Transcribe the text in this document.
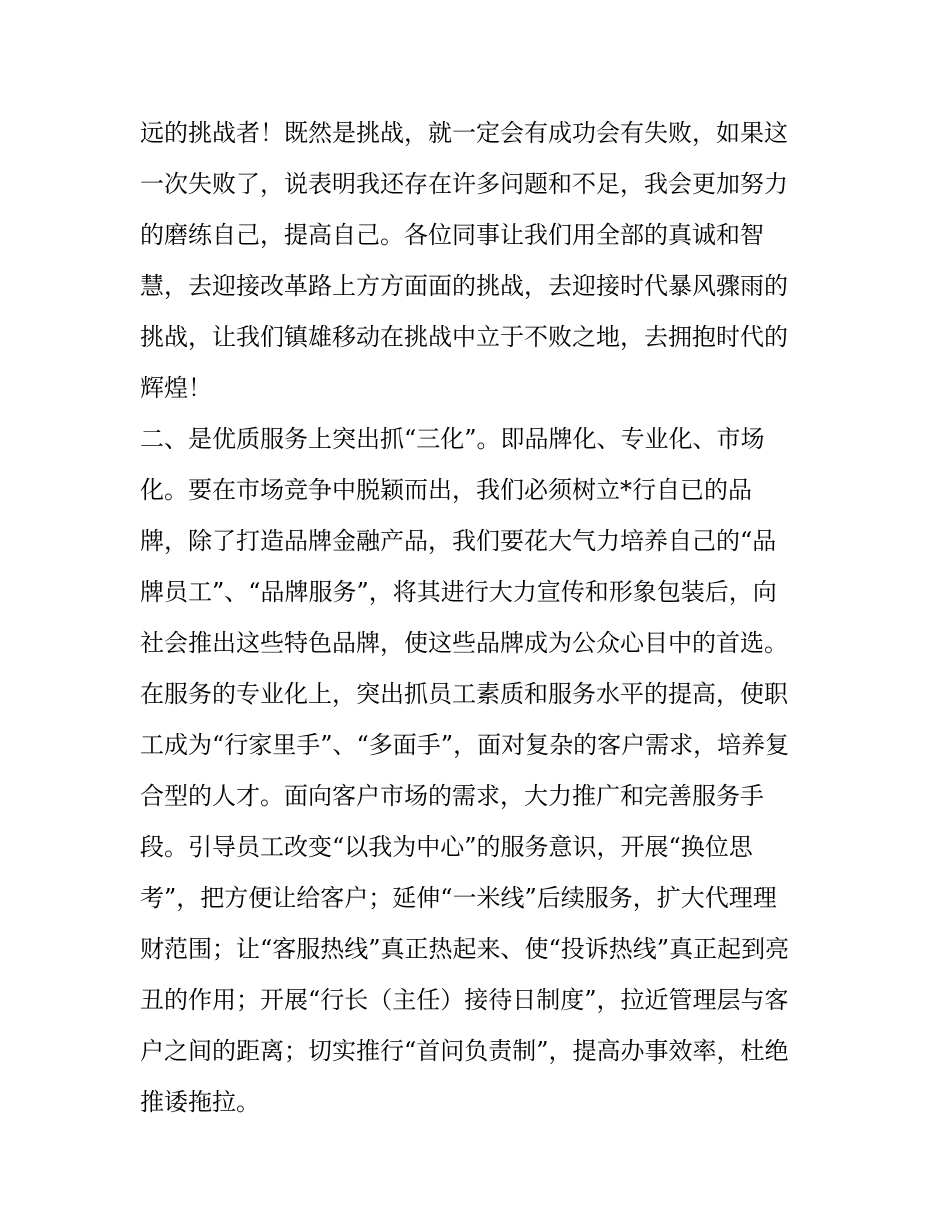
远的挑战者！既然是挑战，就一定会有成功会有失败，如果这
一次失败了，说表明我还存在许多问题和不足，我会更加努力
的磨练自己，提高自己。各位同事让我们用全部的真诚和智
慧，去迎接改革路上方方面面的挑战，去迎接时代暴风骤雨的
挑战，让我们镇雄移动在挑战中立于不败之地，去拥抱时代的
辉煌！
二、是优质服务上突出抓“三化”。即品牌化、专业化、市场
化。要在市场竞争中脱颖而出，我们必须树立*行自已的品
牌，除了打造品牌金融产品，我们要花大气力培养自己的“品
牌员工”、“品牌服务”，将其进行大力宣传和形象包装后，向
社会推出这些特色品牌，使这些品牌成为公众心目中的首选。
在服务的专业化上，突出抓员工素质和服务水平的提高，使职
工成为“行家里手”、“多面手”，面对复杂的客户需求，培养复
合型的人才。面向客户市场的需求，大力推广和完善服务手
段。引导员工改变“以我为中心”的服务意识，开展“换位思
考”，把方便让给客户；延伸“一米线”后续服务，扩大代理理
财范围；让“客服热线”真正热起来、使“投诉热线”真正起到亮
丑的作用；开展“行长（主任）接待日制度”，拉近管理层与客
户之间的距离；切实推行“首问负责制”，提高办事效率，杜绝
推诿拖拉。
